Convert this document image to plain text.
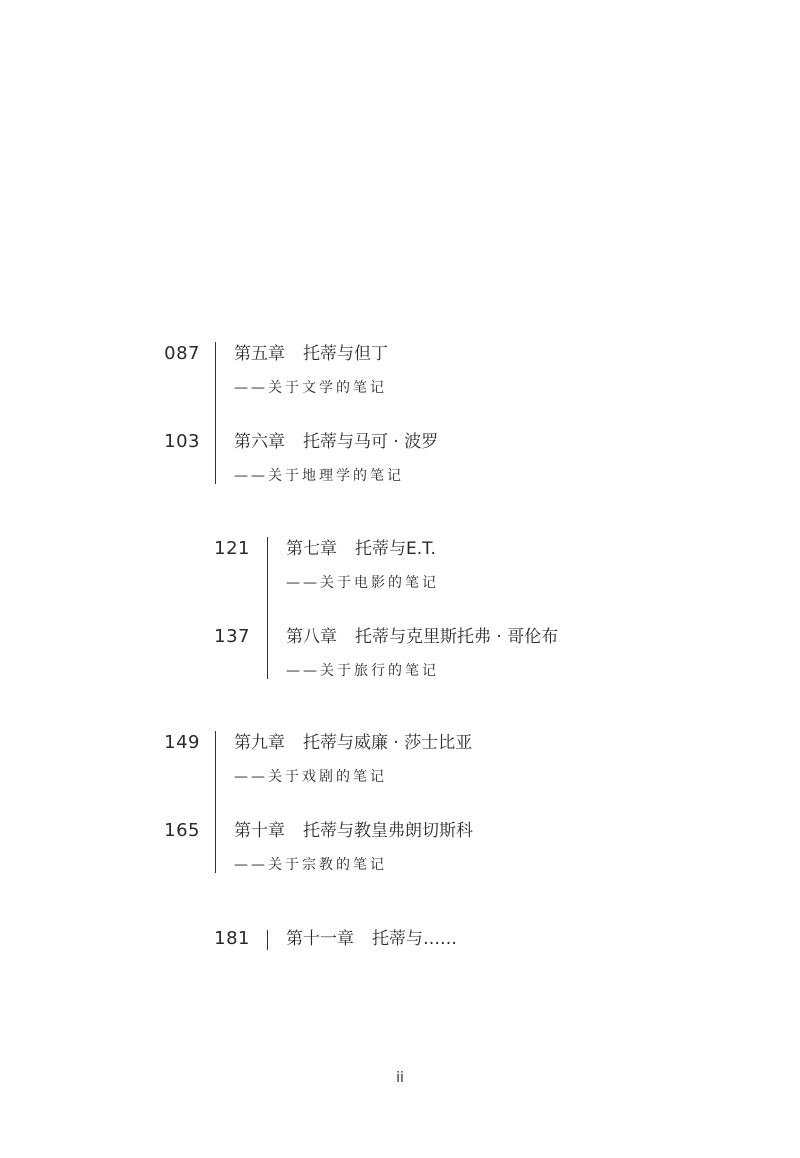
087 第五章 托蒂与但丁
——关于文学的笔记
103 第六章 托蒂与马可 · 波罗
——关于地理学的笔记
121 第七章 托蒂与E.T.
——关于电影的笔记
137 第八章 托蒂与克里斯托弗 · 哥伦布
——关于旅行的笔记
149 第九章 托蒂与威廉 · 莎士比亚
——关于戏剧的笔记
165 第十章 托蒂与教皇弗朗切斯科
——关于宗教的笔记
181 第十一章 托蒂与……
ii
